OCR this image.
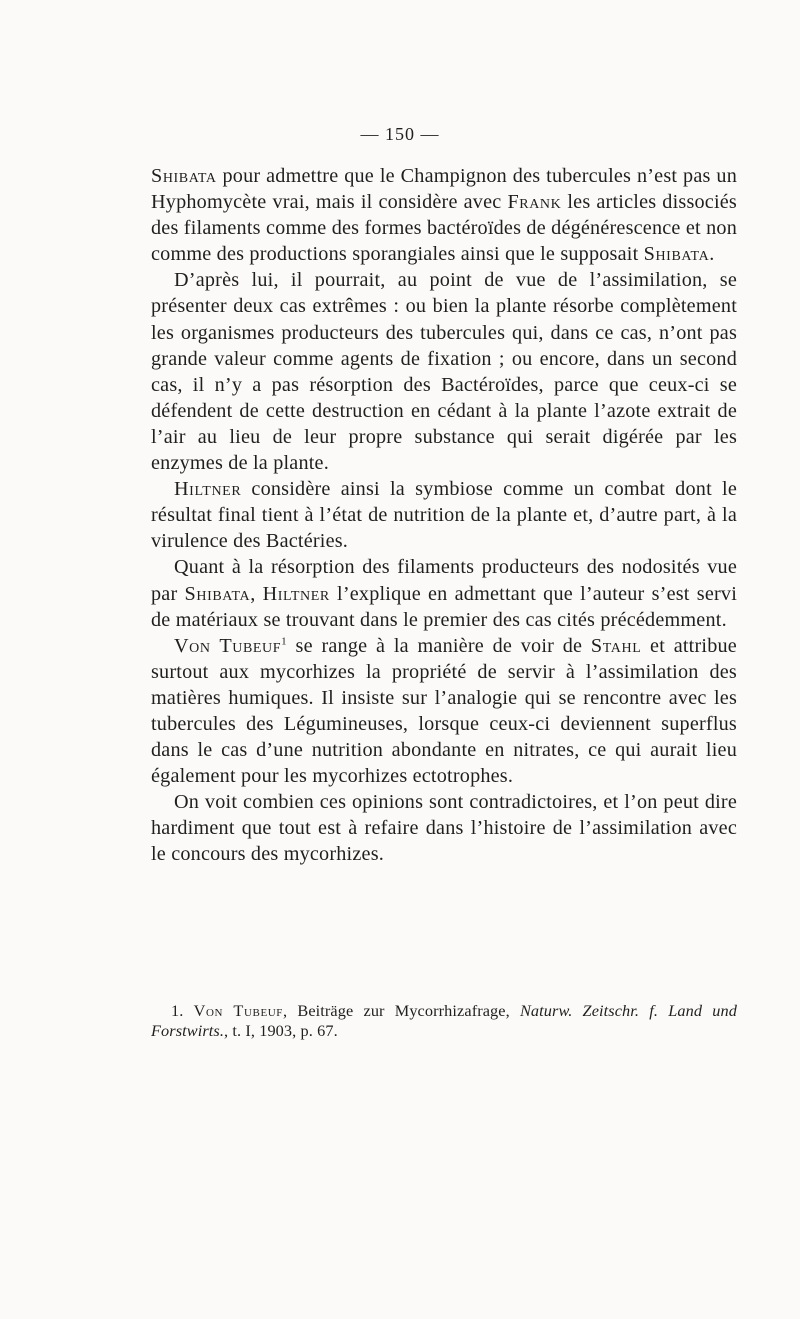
— 150 —

Shibata pour admettre que le Champignon des tubercules n’est pas un Hyphomycète vrai, mais il considère avec Frank les articles dissociés des filaments comme des formes bactéroïdes de dégénérescence et non comme des productions sporangiales ainsi que le supposait Shibata.

D’après lui, il pourrait, au point de vue de l’assimilation, se présenter deux cas extrêmes : ou bien la plante résorbe complètement les organismes producteurs des tubercules qui, dans ce cas, n’ont pas grande valeur comme agents de fixation ; ou encore, dans un second cas, il n’y a pas résorption des Bactéroïdes, parce que ceux-ci se défendent de cette destruction en cédant à la plante l’azote extrait de l’air au lieu de leur propre substance qui serait digérée par les enzymes de la plante.

Hiltner considère ainsi la symbiose comme un combat dont le résultat final tient à l’état de nutrition de la plante et, d’autre part, à la virulence des Bactéries.

Quant à la résorption des filaments producteurs des nodosités vue par Shibata, Hiltner l’explique en admettant que l’auteur s’est servi de matériaux se trouvant dans le premier des cas cités précédemment.

Von Tubeuf$^1$ se range à la manière de voir de Stahl et attribue surtout aux mycorhizes la propriété de servir à l’assimilation des matières humiques. Il insiste sur l’analogie qui se rencontre avec les tubercules des Légumineuses, lorsque ceux-ci deviennent superflus dans le cas d’une nutrition abondante en nitrates, ce qui aurait lieu également pour les mycorhizes ectotrophes.

On voit combien ces opinions sont contradictoires, et l’on peut dire hardiment que tout est à refaire dans l’histoire de l’assimilation avec le concours des mycorhizes.

1. Von Tubeuf, Beiträge zur Mycorrhizafrage, Naturw. Zeitschr. f. Land und Forstwirts., t. I, 1903, p. 67.
